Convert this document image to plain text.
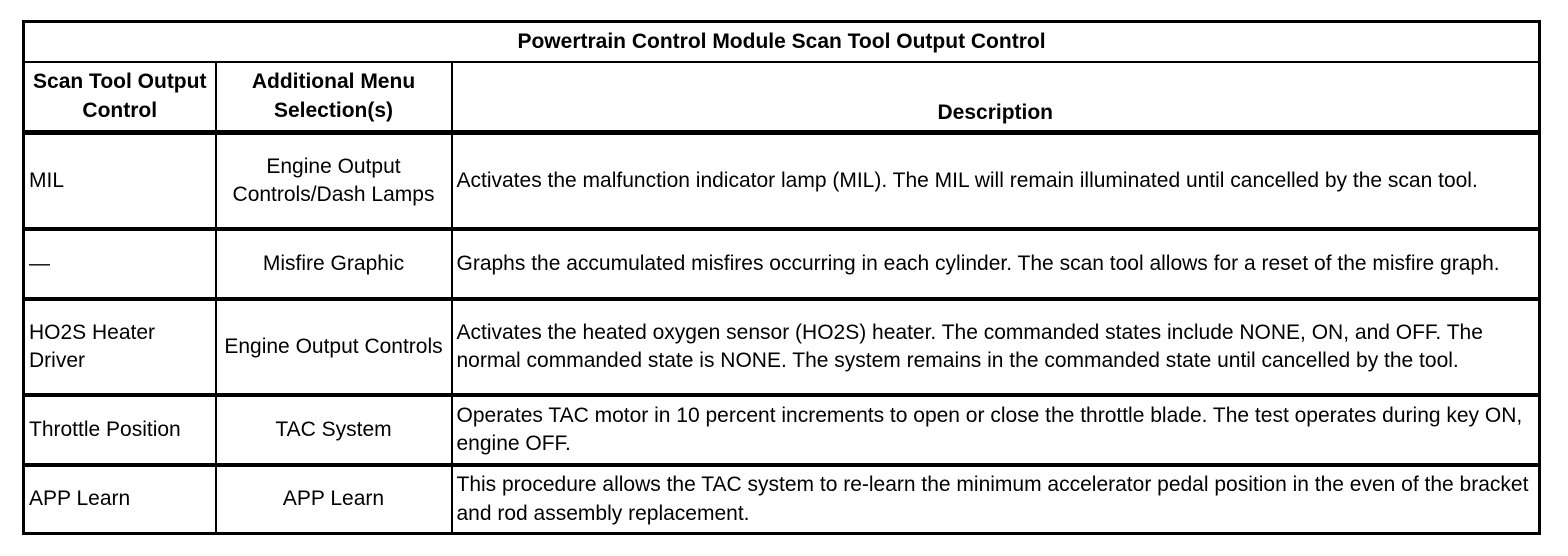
Powertrain Control Module Scan Tool Output Control		
Scan Tool Output Control	Additional Menu Selection(s)	Description
MIL	Engine Output Controls/Dash Lamps	Activates the malfunction indicator lamp (MIL). The MIL will remain illuminated until cancelled by the scan tool.
—	Misfire Graphic	Graphs the accumulated misfires occurring in each cylinder. The scan tool allows for a reset of the misfire graph.
HO2S Heater Driver	Engine Output Controls	Activates the heated oxygen sensor (HO2S) heater. The commanded states include NONE, ON, and OFF. The normal commanded state is NONE. The system remains in the commanded state until cancelled by the tool.
Throttle Position	TAC System	Operates TAC motor in 10 percent increments to open or close the throttle blade. The test operates during key ON, engine OFF.
APP Learn	APP Learn	This procedure allows the TAC system to re-learn the minimum accelerator pedal position in the even of the bracket and rod assembly replacement.
